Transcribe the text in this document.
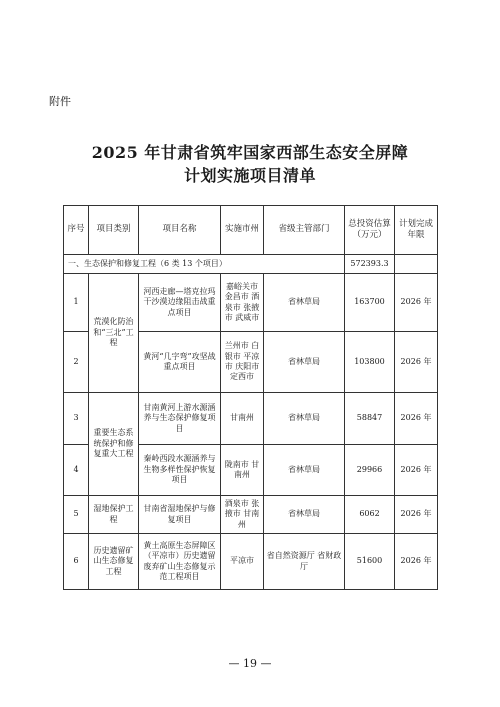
附件
2025 年甘肃省筑牢国家西部生态安全屏障
计划实施项目清单
序号	项目类别	项目名称	实施市州	省级主管部门	总投资估算（万元）	计划完成年限
一、生态保护和修复工程（6 类 13 个项目）					572393.3	
1	荒漠化防治和“三北”工程	河西走廊—塔克拉玛干沙漠边缘阻击战重点项目	嘉峪关市 金昌市 酒泉市 张掖市 武威市	省林草局	163700	2026 年
2		黄河“几字弯”攻坚战重点项目	兰州市 白银市 平凉市 庆阳市 定西市	省林草局	103800	2026 年
3	重要生态系统保护和修复重大工程	甘南黄河上游水源涵养与生态保护修复项目	甘南州	省林草局	58847	2026 年
4		秦岭西段水源涵养与生物多样性保护恢复项目	陇南市 甘南州	省林草局	29966	2026 年
5	湿地保护工程	甘南省湿地保护与修复项目	酒泉市 张掖市 甘南州	省林草局	6062	2026 年
6	历史遗留矿山生态修复工程	黄土高原生态屏障区（平凉市）历史遗留废弃矿山生态修复示范工程项目	平凉市	省自然资源厅 省财政厅	51600	2026 年
— 19 —
